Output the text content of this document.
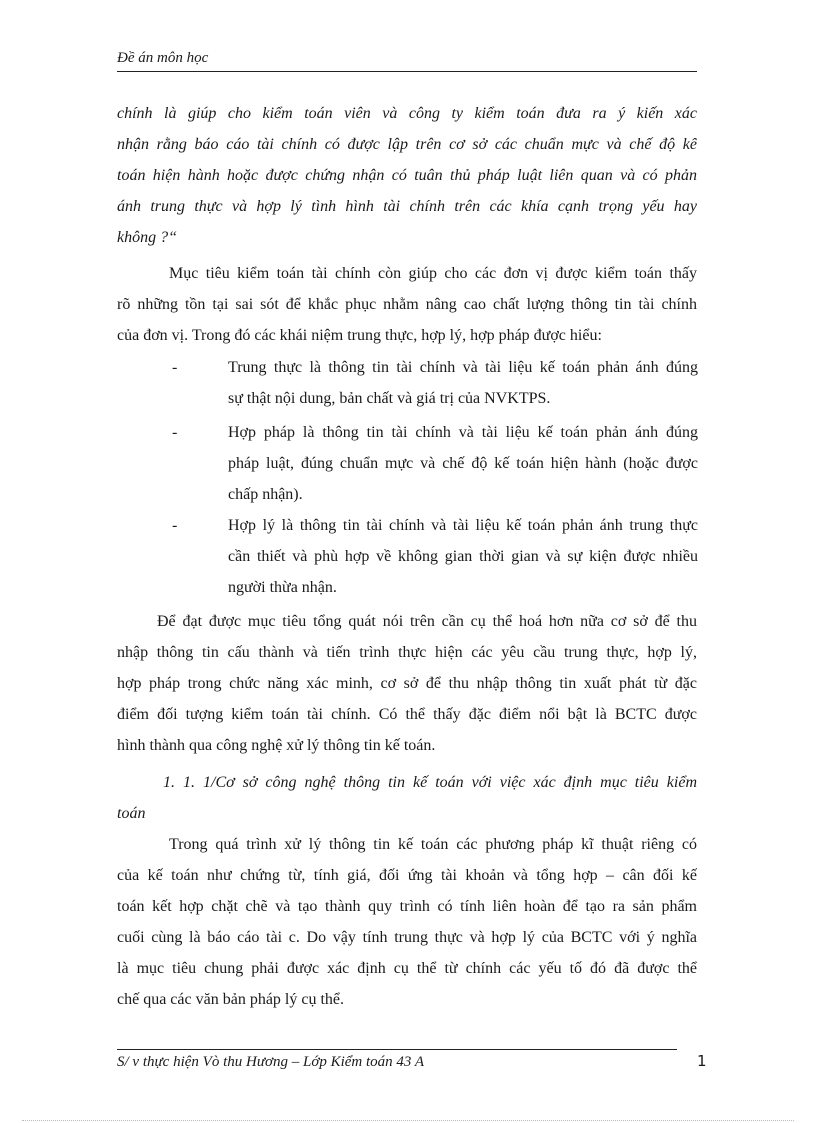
Đề án môn học
chính là giúp cho kiểm toán viên và công ty kiểm toán đưa ra ý kiến xác
nhận rằng báo cáo tài chính có được lập trên cơ sở các chuẩn mực và chế độ kế
toán hiện hành hoặc được chứng nhận có tuân thủ pháp luật liên quan và có phản
ánh trung thực và hợp lý tình hình tài chính trên các khía cạnh trọng yếu hay
không ?“
Mục tiêu kiểm toán tài chính còn giúp cho các đơn vị được kiểm toán thấy
rõ những tồn tại sai sót để khắc phục nhằm nâng cao chất lượng thông tin tài chính
của đơn vị. Trong đó các khái niệm trung thực, hợp lý, hợp pháp được hiểu:
-	Trung thực là thông tin tài chính và tài liệu kế toán phản ánh đúng
sự thật nội dung, bản chất và giá trị của NVKTPS.
-	Hợp pháp là thông tin tài chính và tài liệu kế toán phản ánh đúng
pháp luật, đúng chuẩn mực và chế độ kế toán hiện hành (hoặc được
chấp nhận).
-	Hợp lý là thông tin tài chính và tài liệu kế toán phản ánh trung thực
cần thiết và phù hợp về không gian thời gian và sự kiện được nhiều
người thừa nhận.
Để đạt được mục tiêu tổng quát nói trên cần cụ thể hoá hơn nữa cơ sở để thu
nhập thông tin cấu thành và tiến trình thực hiện các yêu cầu trung thực, hợp lý,
hợp pháp trong chức năng xác minh, cơ sở để thu nhập thông tin xuất phát từ đặc
điểm đối tượng kiểm toán tài chính. Có thể thấy đặc điểm nổi bật là BCTC được
hình thành qua công nghệ xử lý thông tin kế toán.
1. 1. 1/Cơ sở công nghệ thông tin kế toán với việc xác định mục tiêu kiểm
toán
Trong quá trình xử lý thông tin kế toán các phương pháp kĩ thuật riêng có
của kế toán như chứng từ, tính giá, đối ứng tài khoản và tổng hợp – cân đối kế
toán kết hợp chặt chẽ và tạo thành quy trình có tính liên hoàn để tạo ra sản phẩm
cuối cùng là báo cáo tài c. Do vậy tính trung thực và hợp lý của BCTC với ý nghĩa
là mục tiêu chung phải được xác định cụ thể từ chính các yếu tố đó đã được thể
chế qua các văn bản pháp lý cụ thể.
S/ v thực hiện Vò thu Hương – Lớp Kiểm toán 43 A	1
